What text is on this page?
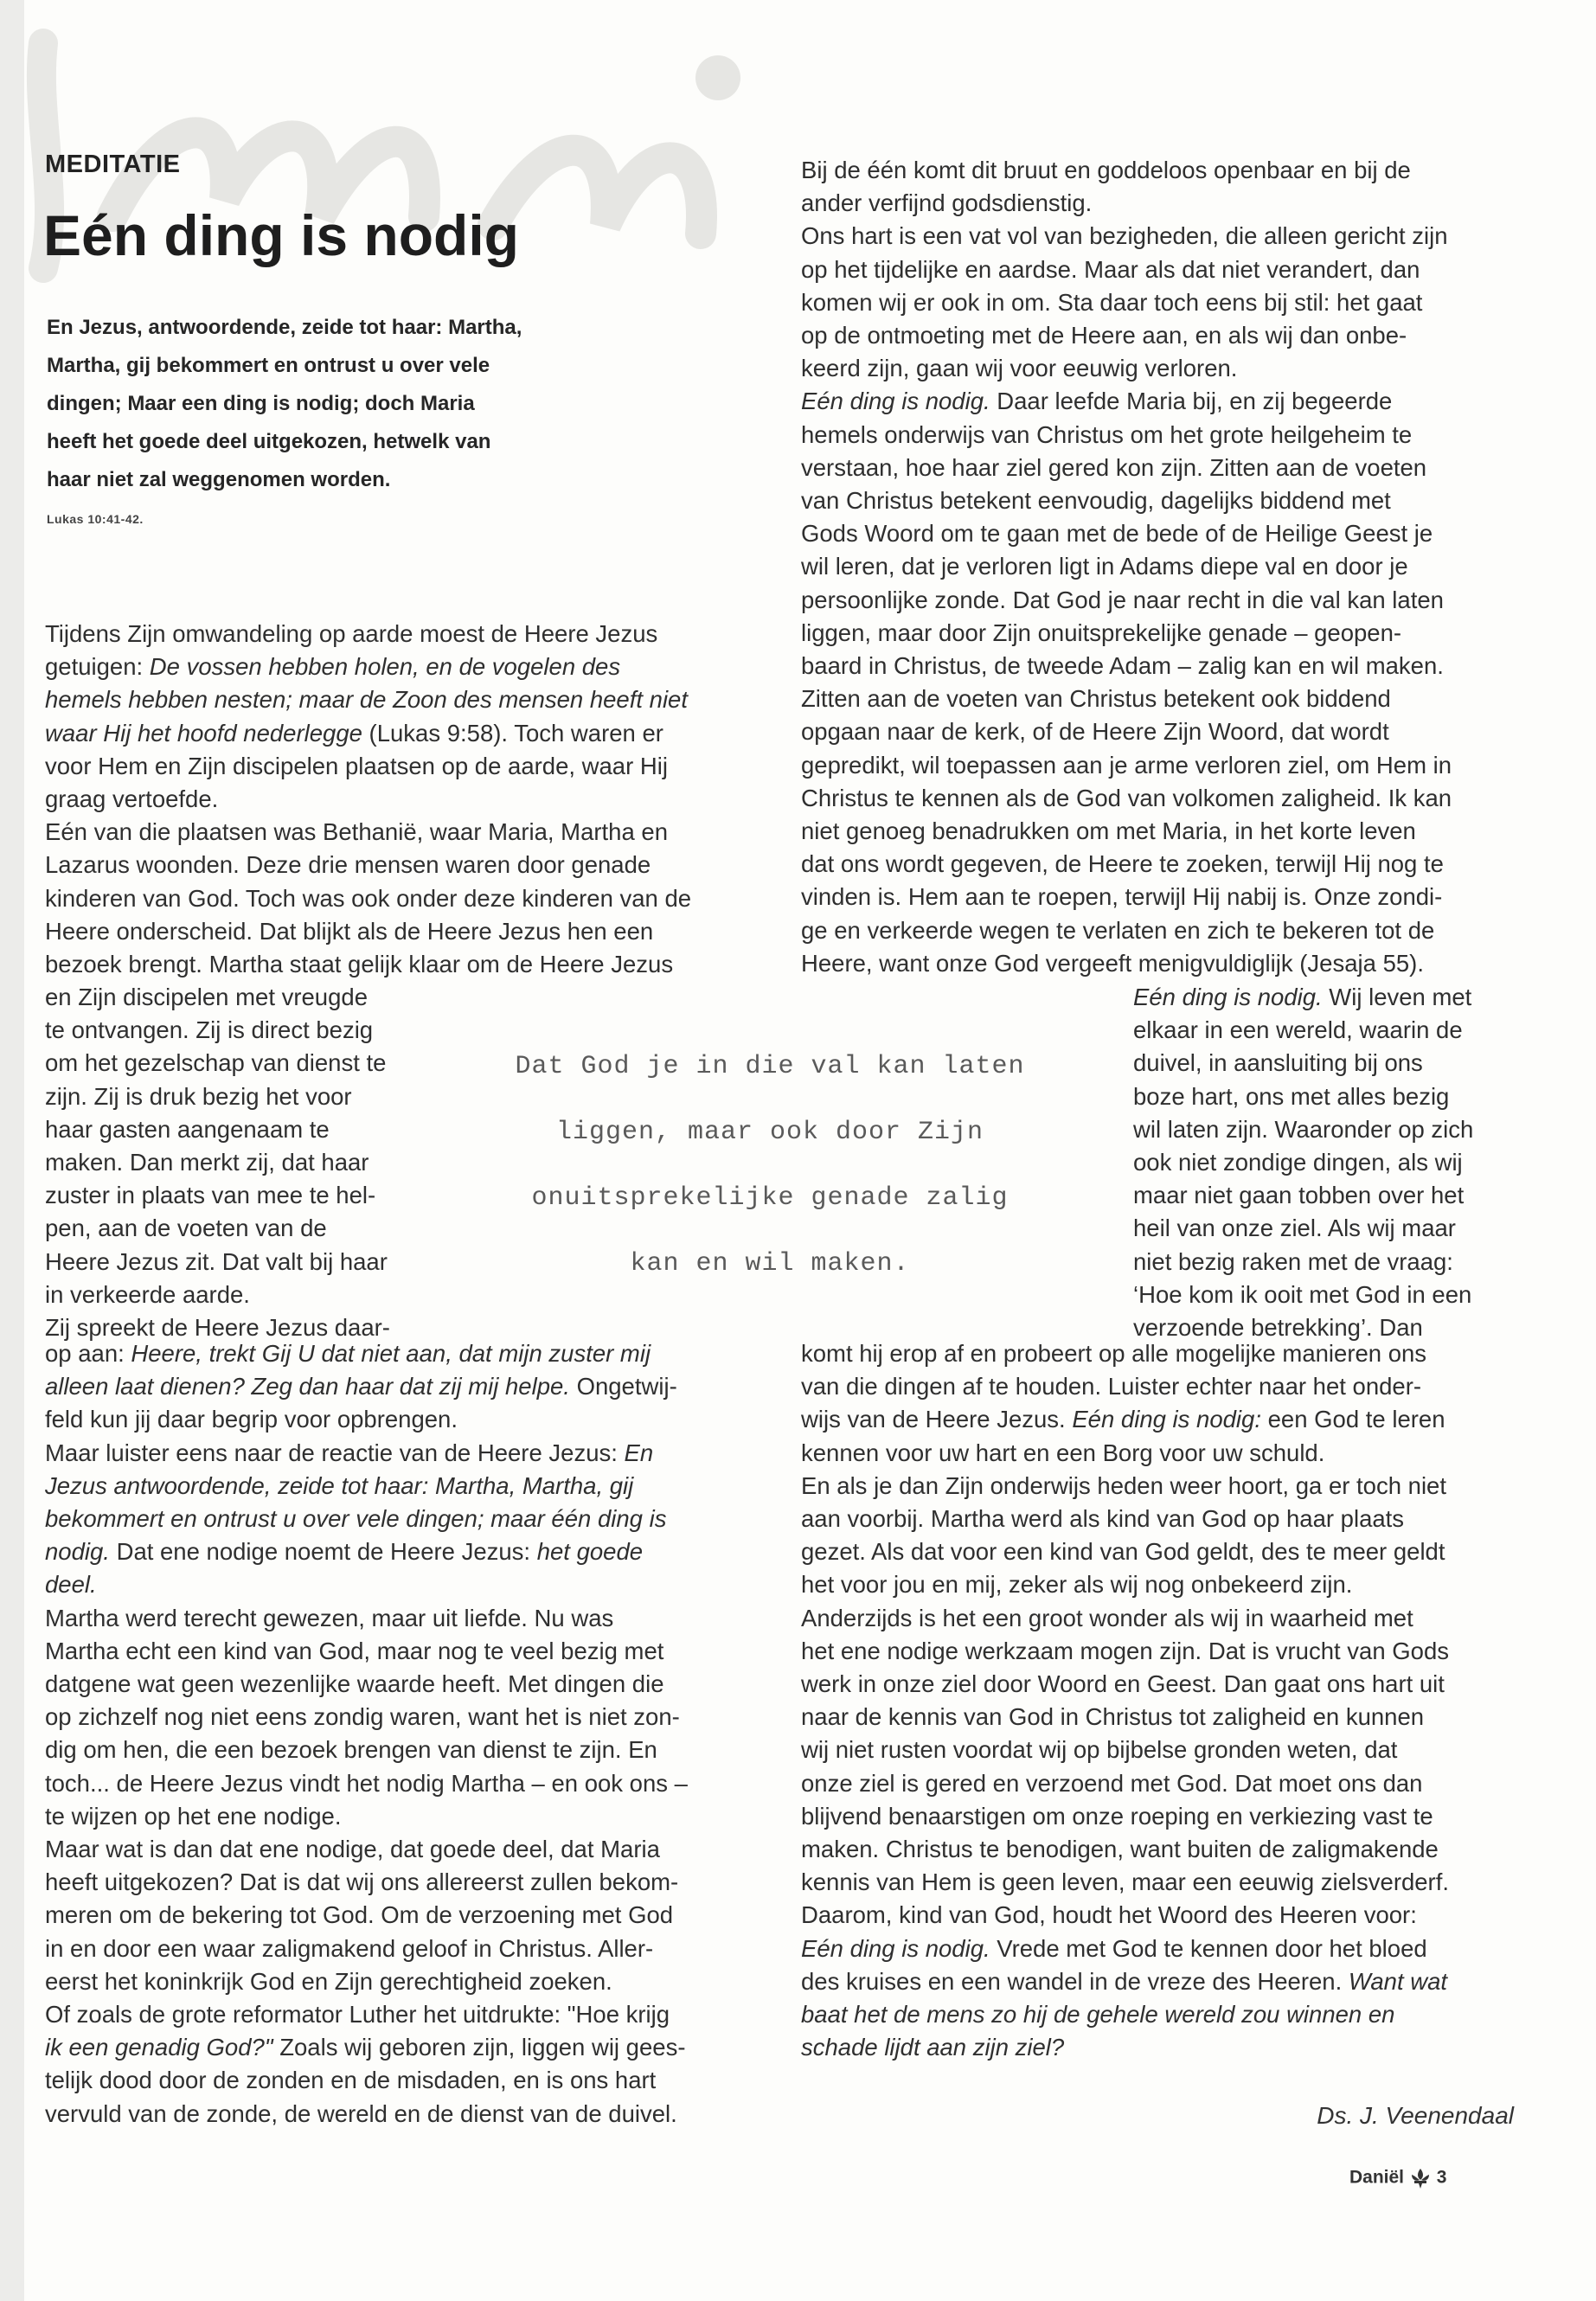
MEDITATIE
Eén ding is nodig
En Jezus, antwoordende, zeide tot haar: Martha,
Martha, gij bekommert en ontrust u over vele
dingen; Maar een ding is nodig; doch Maria
heeft het goede deel uitgekozen, hetwelk van
haar niet zal weggenomen worden.
Lukas 10:41-42.

Tijdens Zijn omwandeling op aarde moest de Heere Jezus

getuigen: De vossen hebben holen, en de vogelen des

hemels hebben nesten; maar de Zoon des mensen heeft niet

waar Hij het hoofd nederlegge (Lukas 9:58). Toch waren er

voor Hem en Zijn discipelen plaatsen op de aarde, waar Hij

graag vertoefde.

Eén van die plaatsen was Bethanië, waar Maria, Martha en

Lazarus woonden. Deze drie mensen waren door genade

kinderen van God. Toch was ook onder deze kinderen van de

Heere onderscheid. Dat blijkt als de Heere Jezus hen een

bezoek brengt. Martha staat gelijk klaar om de Heere Jezus

Bij de één komt dit bruut en goddeloos openbaar en bij de

ander verfijnd godsdienstig.

Ons hart is een vat vol van bezigheden, die alleen gericht zijn

op het tijdelijke en aardse. Maar als dat niet verandert, dan

komen wij er ook in om. Sta daar toch eens bij stil: het gaat

op de ontmoeting met de Heere aan, en als wij dan onbe-

keerd zijn, gaan wij voor eeuwig verloren.

Eén ding is nodig. Daar leefde Maria bij, en zij begeerde

hemels onderwijs van Christus om het grote heilgeheim te

verstaan, hoe haar ziel gered kon zijn. Zitten aan de voeten

van Christus betekent eenvoudig, dagelijks biddend met

Gods Woord om te gaan met de bede of de Heilige Geest je

wil leren, dat je verloren ligt in Adams diepe val en door je

persoonlijke zonde. Dat God je naar recht in die val kan laten

liggen, maar door Zijn onuitsprekelijke genade – geopen-

baard in Christus, de tweede Adam – zalig kan en wil maken.

Zitten aan de voeten van Christus betekent ook biddend

opgaan naar de kerk, of de Heere Zijn Woord, dat wordt

gepredikt, wil toepassen aan je arme verloren ziel, om Hem in

Christus te kennen als de God van volkomen zaligheid. Ik kan

niet genoeg benadrukken om met Maria, in het korte leven

dat ons wordt gegeven, de Heere te zoeken, terwijl Hij nog te

vinden is. Hem aan te roepen, terwijl Hij nabij is. Onze zondi-

ge en verkeerde wegen te verlaten en zich te bekeren tot de

Heere, want onze God vergeeft menigvuldiglijk (Jesaja 55).

en Zijn discipelen met vreugde

te ontvangen. Zij is direct bezig

om het gezelschap van dienst te

zijn. Zij is druk bezig het voor

haar gasten aangenaam te

maken. Dan merkt zij, dat haar

zuster in plaats van mee te hel-

pen, aan de voeten van de

Heere Jezus zit. Dat valt bij haar

in verkeerde aarde.

Zij spreekt de Heere Jezus daar-

Eén ding is nodig. Wij leven met

elkaar in een wereld, waarin de

duivel, in aansluiting bij ons

boze hart, ons met alles bezig

wil laten zijn. Waaronder op zich

ook niet zondige dingen, als wij

maar niet gaan tobben over het

heil van onze ziel. Als wij maar

niet bezig raken met de vraag:

‘Hoe kom ik ooit met God in een

verzoende betrekking’. Dan

op aan: Heere, trekt Gij U dat niet aan, dat mijn zuster mij

alleen laat dienen? Zeg dan haar dat zij mij helpe. Ongetwij-

feld kun jij daar begrip voor opbrengen.

Maar luister eens naar de reactie van de Heere Jezus: En

Jezus antwoordende, zeide tot haar: Martha, Martha, gij

bekommert en ontrust u over vele dingen; maar één ding is

nodig. Dat ene nodige noemt de Heere Jezus: het goede

deel.

Martha werd terecht gewezen, maar uit liefde. Nu was

Martha echt een kind van God, maar nog te veel bezig met

datgene wat geen wezenlijke waarde heeft. Met dingen die

op zichzelf nog niet eens zondig waren, want het is niet zon-

dig om hen, die een bezoek brengen van dienst te zijn. En

toch... de Heere Jezus vindt het nodig Martha – en ook ons –

te wijzen op het ene nodige.

Maar wat is dan dat ene nodige, dat goede deel, dat Maria

heeft uitgekozen? Dat is dat wij ons allereerst zullen bekom-

meren om de bekering tot God. Om de verzoening met God

in en door een waar zaligmakend geloof in Christus. Aller-

eerst het koninkrijk God en Zijn gerechtigheid zoeken.

Of zoals de grote reformator Luther het uitdrukte: "Hoe krijg

ik een genadig God?" Zoals wij geboren zijn, liggen wij gees-

telijk dood door de zonden en de misdaden, en is ons hart

vervuld van de zonde, de wereld en de dienst van de duivel.

komt hij erop af en probeert op alle mogelijke manieren ons

van die dingen af te houden. Luister echter naar het onder-

wijs van de Heere Jezus. Eén ding is nodig: een God te leren

kennen voor uw hart en een Borg voor uw schuld.

En als je dan Zijn onderwijs heden weer hoort, ga er toch niet

aan voorbij. Martha werd als kind van God op haar plaats

gezet. Als dat voor een kind van God geldt, des te meer geldt

het voor jou en mij, zeker als wij nog onbekeerd zijn.

Anderzijds is het een groot wonder als wij in waarheid met

het ene nodige werkzaam mogen zijn. Dat is vrucht van Gods

werk in onze ziel door Woord en Geest. Dan gaat ons hart uit

naar de kennis van God in Christus tot zaligheid en kunnen

wij niet rusten voordat wij op bijbelse gronden weten, dat

onze ziel is gered en verzoend met God. Dat moet ons dan

blijvend benaarstigen om onze roeping en verkiezing vast te

maken. Christus te benodigen, want buiten de zaligmakende

kennis van Hem is geen leven, maar een eeuwig zielsverderf.

Daarom, kind van God, houdt het Woord des Heeren voor:

Eén ding is nodig. Vrede met God te kennen door het bloed

des kruises en een wandel in de vreze des Heeren. Want wat

baat het de mens zo hij de gehele wereld zou winnen en

schade lijdt aan zijn ziel?

Dat God je in die val kan laten
liggen, maar ook door Zijn
onuitsprekelijke genade zalig
kan en wil maken.
Ds. J. Veenendaal
Daniël 3
